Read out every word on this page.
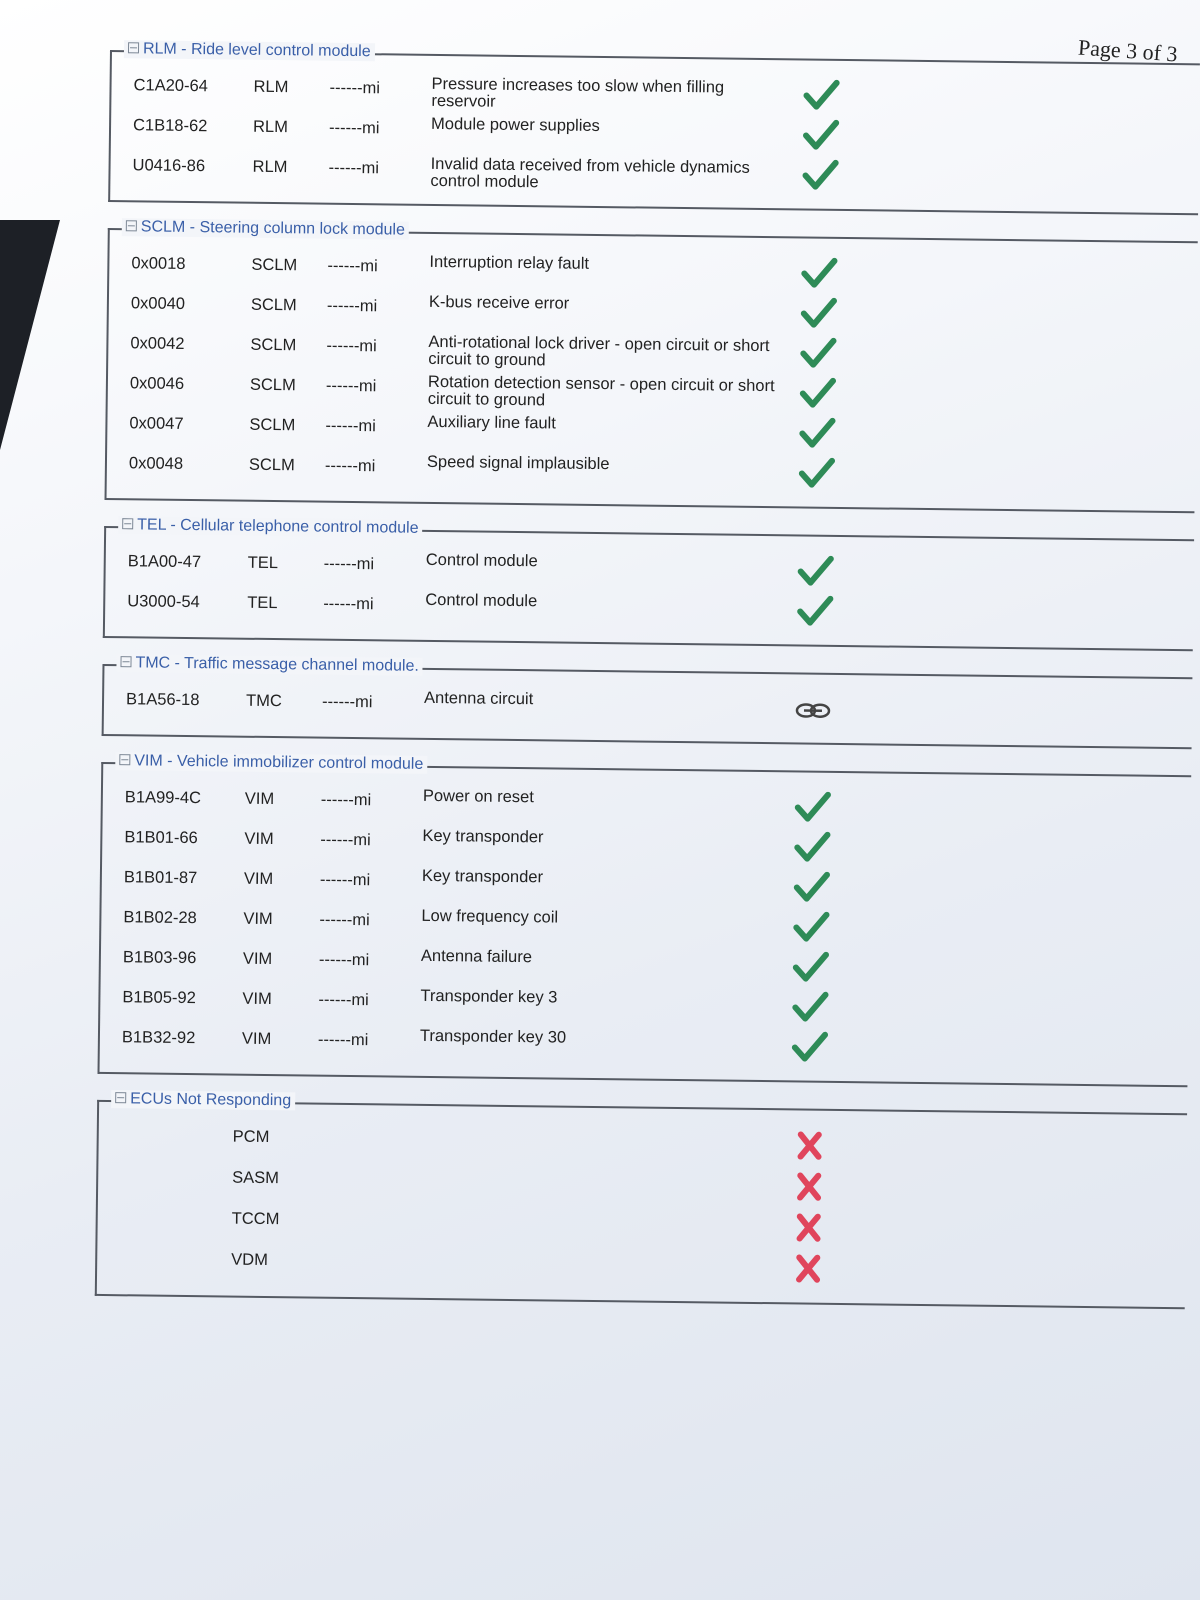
Page 3 of 3
RLM - Ride level control module
C1A20-64	RLM	------mi	Pressure increases too slow when filling reservoir
C1B18-62	RLM	------mi	Module power supplies
U0416-86	RLM	------mi	Invalid data received from vehicle dynamics control module
SCLM - Steering column lock module
0x0018	SCLM	------mi	Interruption relay fault
0x0040	SCLM	------mi	K-bus receive error
0x0042	SCLM	------mi	Anti-rotational lock driver - open circuit or short circuit to ground
0x0046	SCLM	------mi	Rotation detection sensor - open circuit or short circuit to ground
0x0047	SCLM	------mi	Auxiliary line fault
0x0048	SCLM	------mi	Speed signal implausible
TEL - Cellular telephone control module
B1A00-47	TEL	------mi	Control module
U3000-54	TEL	------mi	Control module
TMC - Traffic message channel module.
B1A56-18	TMC	------mi	Antenna circuit
VIM - Vehicle immobilizer control module
B1A99-4C	VIM	------mi	Power on reset
B1B01-66	VIM	------mi	Key transponder
B1B01-87	VIM	------mi	Key transponder
B1B02-28	VIM	------mi	Low frequency coil
B1B03-96	VIM	------mi	Antenna failure
B1B05-92	VIM	------mi	Transponder key 3
B1B32-92	VIM	------mi	Transponder key 30
ECUs Not Responding
PCM
SASM
TCCM
VDM
